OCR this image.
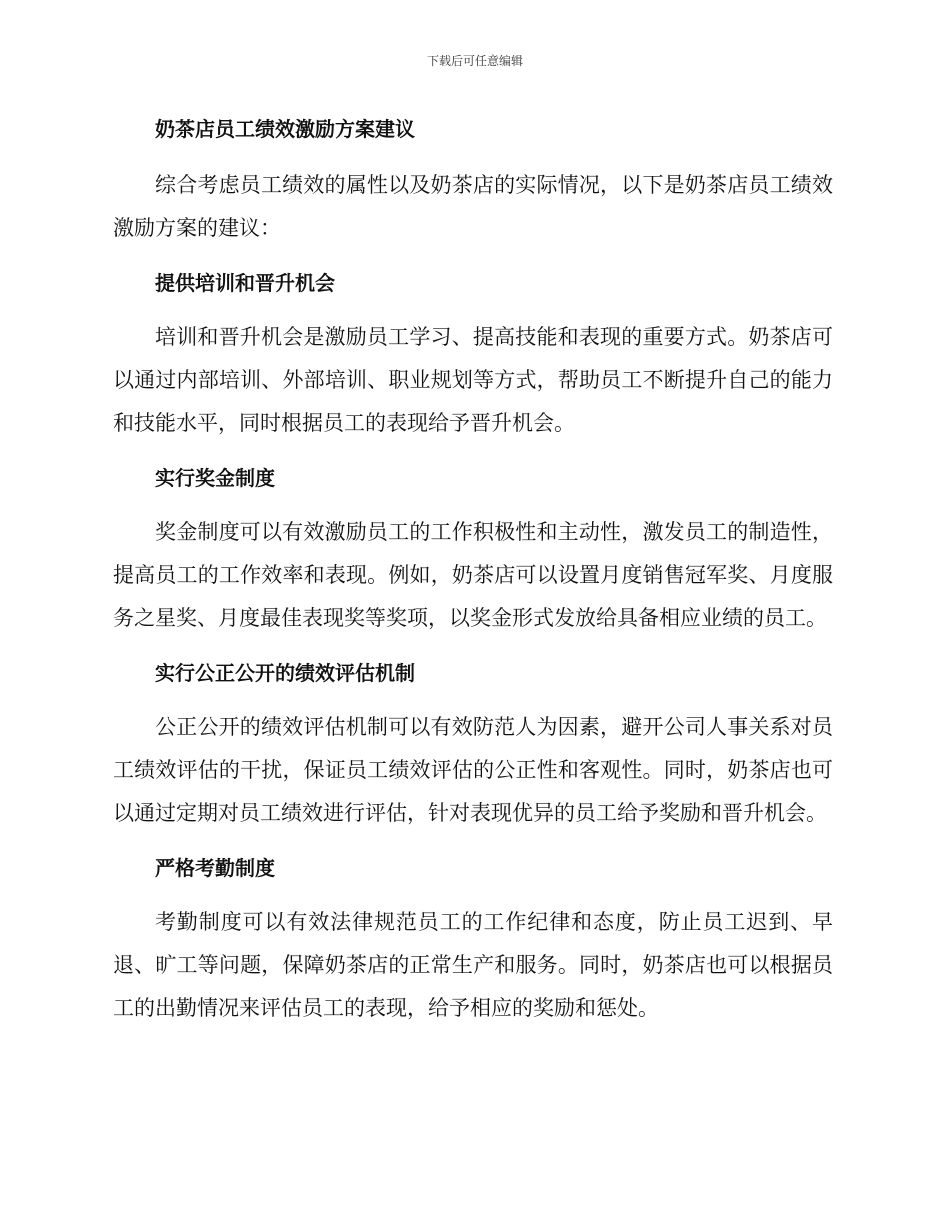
下载后可任意编辑
奶茶店员工绩效激励方案建议

综合考虑员工绩效的属性以及奶茶店的实际情况，以下是奶茶店员工绩效激励方案的建议：

提供培训和晋升机会

培训和晋升机会是激励员工学习、提高技能和表现的重要方式。奶茶店可以通过内部培训、外部培训、职业规划等方式，帮助员工不断提升自己的能力和技能水平，同时根据员工的表现给予晋升机会。

实行奖金制度

奖金制度可以有效激励员工的工作积极性和主动性，激发员工的制造性，提高员工的工作效率和表现。例如，奶茶店可以设置月度销售冠军奖、月度服务之星奖、月度最佳表现奖等奖项，以奖金形式发放给具备相应业绩的员工。

实行公正公开的绩效评估机制

公正公开的绩效评估机制可以有效防范人为因素，避开公司人事关系对员工绩效评估的干扰，保证员工绩效评估的公正性和客观性。同时，奶茶店也可以通过定期对员工绩效进行评估，针对表现优异的员工给予奖励和晋升机会。

严格考勤制度

考勤制度可以有效法律规范员工的工作纪律和态度，防止员工迟到、早退、旷工等问题，保障奶茶店的正常生产和服务。同时，奶茶店也可以根据员工的出勤情况来评估员工的表现，给予相应的奖励和惩处。
